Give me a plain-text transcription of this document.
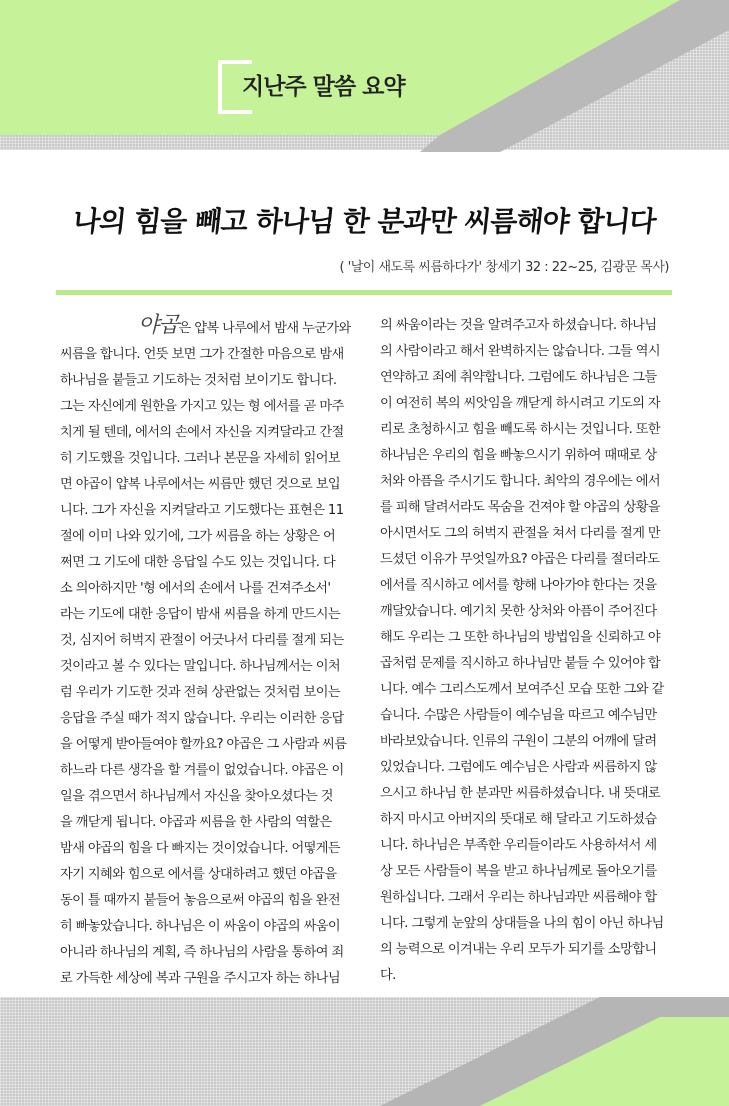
지난주 말씀 요약
나의 힘을 빼고 하나님 한 분과만 씨름해야 합니다
( '날이 새도록 씨름하다가' 창세기 32 : 22~25, 김광문 목사)
야곱은 얍복 나루에서 밤새 누군가와
씨름을 합니다. 언뜻 보면 그가 간절한 마음으로 밤새
하나님을 붙들고 기도하는 것처럼 보이기도 합니다.
그는 자신에게 원한을 가지고 있는 형 에서를 곧 마주
치게 될 텐데, 에서의 손에서 자신을 지켜달라고 간절
히 기도했을 것입니다. 그러나 본문을 자세히 읽어보
면 야곱이 얍복 나루에서는 씨름만 했던 것으로 보입
니다. 그가 자신을 지켜달라고 기도했다는 표현은 11
절에 이미 나와 있기에, 그가 씨름을 하는 상황은 어
쩌면 그 기도에 대한 응답일 수도 있는 것입니다. 다
소 의아하지만 '형 에서의 손에서 나를 건져주소서'
라는 기도에 대한 응답이 밤새 씨름을 하게 만드시는
것, 심지어 허벅지 관절이 어긋나서 다리를 절게 되는
것이라고 볼 수 있다는 말입니다. 하나님께서는 이처
럼 우리가 기도한 것과 전혀 상관없는 것처럼 보이는
응답을 주실 때가 적지 않습니다. 우리는 이러한 응답
을 어떻게 받아들여야 할까요? 야곱은 그 사람과 씨름
하느라 다른 생각을 할 겨를이 없었습니다. 야곱은 이
일을 겪으면서 하나님께서 자신을 찾아오셨다는 것
을 깨닫게 됩니다. 야곱과 씨름을 한 사람의 역할은
밤새 야곱의 힘을 다 빠지는 것이었습니다. 어떻게든
자기 지혜와 힘으로 에서를 상대하려고 했던 야곱을
동이 틀 때까지 붙들어 놓음으로써 야곱의 힘을 완전
히 빠놓았습니다. 하나님은 이 싸움이 야곱의 싸움이
아니라 하나님의 계획, 즉 하나님의 사람을 통하여 죄
로 가득한 세상에 복과 구원을 주시고자 하는 하나님
의 싸움이라는 것을 알려주고자 하셨습니다. 하나님
의 사람이라고 해서 완벽하지는 않습니다. 그들 역시
연약하고 죄에 취약합니다. 그럼에도 하나님은 그들
이 여전히 복의 씨앗임을 깨닫게 하시려고 기도의 자
리로 초청하시고 힘을 빼도록 하시는 것입니다. 또한
하나님은 우리의 힘을 빠놓으시기 위하여 때때로 상
처와 아픔을 주시기도 합니다. 최악의 경우에는 에서
를 피해 달려서라도 목숨을 건져야 할 야곱의 상황을
아시면서도 그의 허벅지 관절을 쳐서 다리를 절게 만
드셨던 이유가 무엇일까요? 야곱은 다리를 절더라도
에서를 직시하고 에서를 향해 나아가야 한다는 것을
깨달았습니다. 예기치 못한 상처와 아픔이 주어진다
해도 우리는 그 또한 하나님의 방법임을 신뢰하고 야
곱처럼 문제를 직시하고 하나님만 붙들 수 있어야 합
니다. 예수 그리스도께서 보여주신 모습 또한 그와 같
습니다. 수많은 사람들이 예수님을 따르고 예수님만
바라보았습니다. 인류의 구원이 그분의 어깨에 달려
있었습니다. 그럼에도 예수님은 사람과 씨름하지 않
으시고 하나님 한 분과만 씨름하셨습니다. 내 뜻대로
하지 마시고 아버지의 뜻대로 해 달라고 기도하셨습
니다. 하나님은 부족한 우리들이라도 사용하셔서 세
상 모든 사람들이 복을 받고 하나님께로 돌아오기를
원하십니다. 그래서 우리는 하나님과만 씨름해야 합
니다. 그렇게 눈앞의 상대들을 나의 힘이 아닌 하나님
의 능력으로 이겨내는 우리 모두가 되기를 소망합니
다.
